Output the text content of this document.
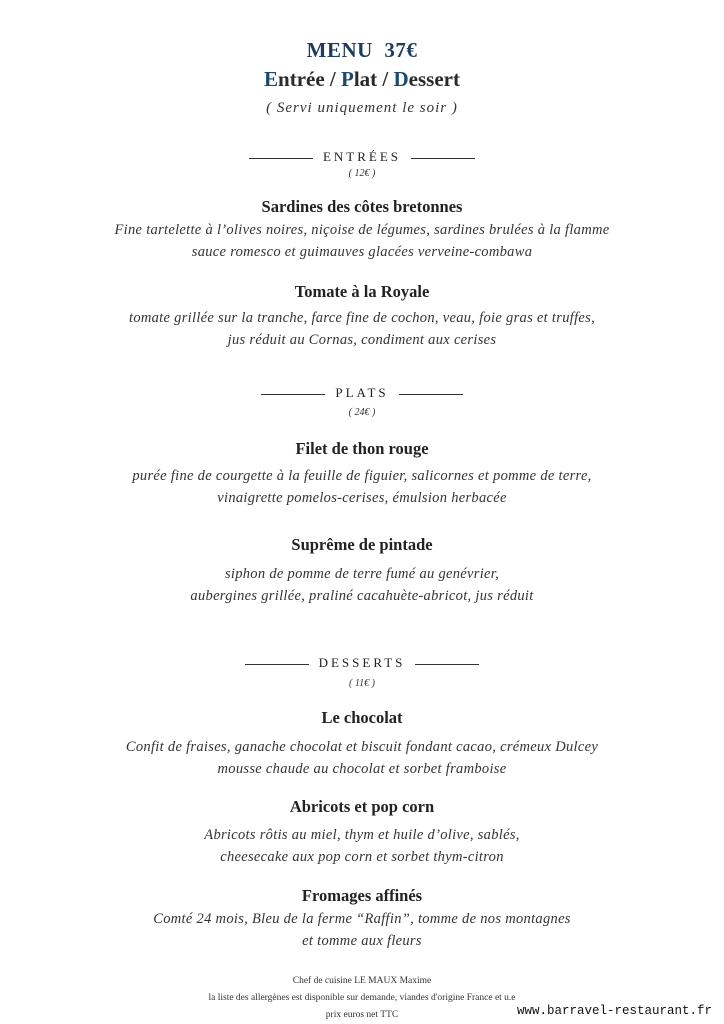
MENU 37€
Entrée / Plat / Dessert
( Servi uniquement le soir )
ENTRÉES
( 12€ )
Sardines des côtes bretonnes
Fine tartelette à l’olives noires, niçoise de légumes, sardines brulées à la flamme
sauce romesco et guimauves glacées verveine-combawa
Tomate à la Royale
tomate grillée sur la tranche, farce fine de cochon, veau, foie gras et truffes,
jus réduit au Cornas, condiment aux cerises
PLATS
( 24€ )
Filet de thon rouge
purée fine de courgette à la feuille de figuier, salicornes et pomme de terre,
vinaigrette pomelos-cerises, émulsion herbacée
Suprême de pintade
siphon de pomme de terre fumé au genévrier,
aubergines grillée, praliné cacahuète-abricot, jus réduit
DESSERTS
( 11€ )
Le chocolat
Confit de fraises, ganache chocolat et biscuit fondant cacao, crémeux Dulcey
mousse chaude au chocolat et sorbet framboise
Abricots et pop corn
Abricots rôtis au miel, thym et huile d’olive, sablés,
cheesecake aux pop corn et sorbet thym-citron
Fromages affinés
Comté 24 mois, Bleu de la ferme “Raffin”, tomme de nos montagnes
et tomme aux fleurs
Chef de cuisine LE MAUX Maxime
la liste des allergènes est disponible sur demande, viandes d'origine France et u.e
prix euros net TTC	www.barravel-restaurant.fr
